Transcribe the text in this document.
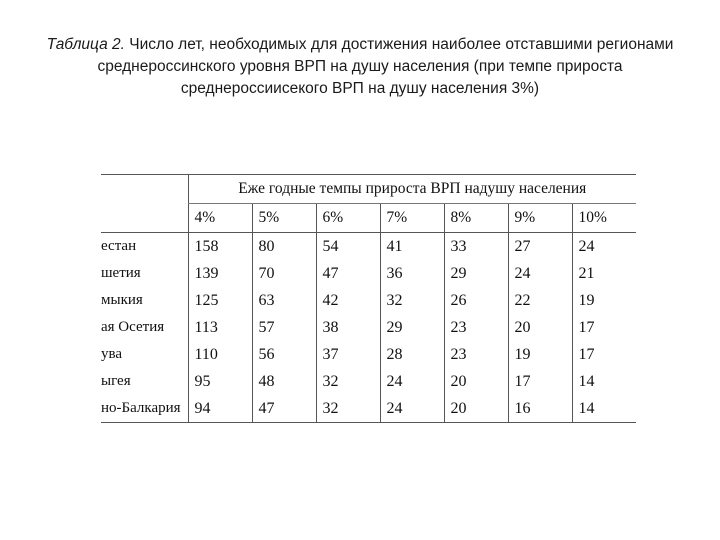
Таблица 2. Число лет, необходимых для достижения наиболее отставшими регионами среднероссинского уровня ВРП на душу населения (при темпе прироста среднероссиисекого ВРП на душу населения 3%)
	Еже годные темпы прироста ВРП надушу населения						
	4%	5%	6%	7%	8%	9%	10%
естан	158	80	54	41	33	27	24
шетия	139	70	47	36	29	24	21
мыкия	125	63	42	32	26	22	19
ая Осетия	113	57	38	29	23	20	17
ува	110	56	37	28	23	19	17
ыгея	95	48	32	24	20	17	14
но-Балкария	94	47	32	24	20	16	14
